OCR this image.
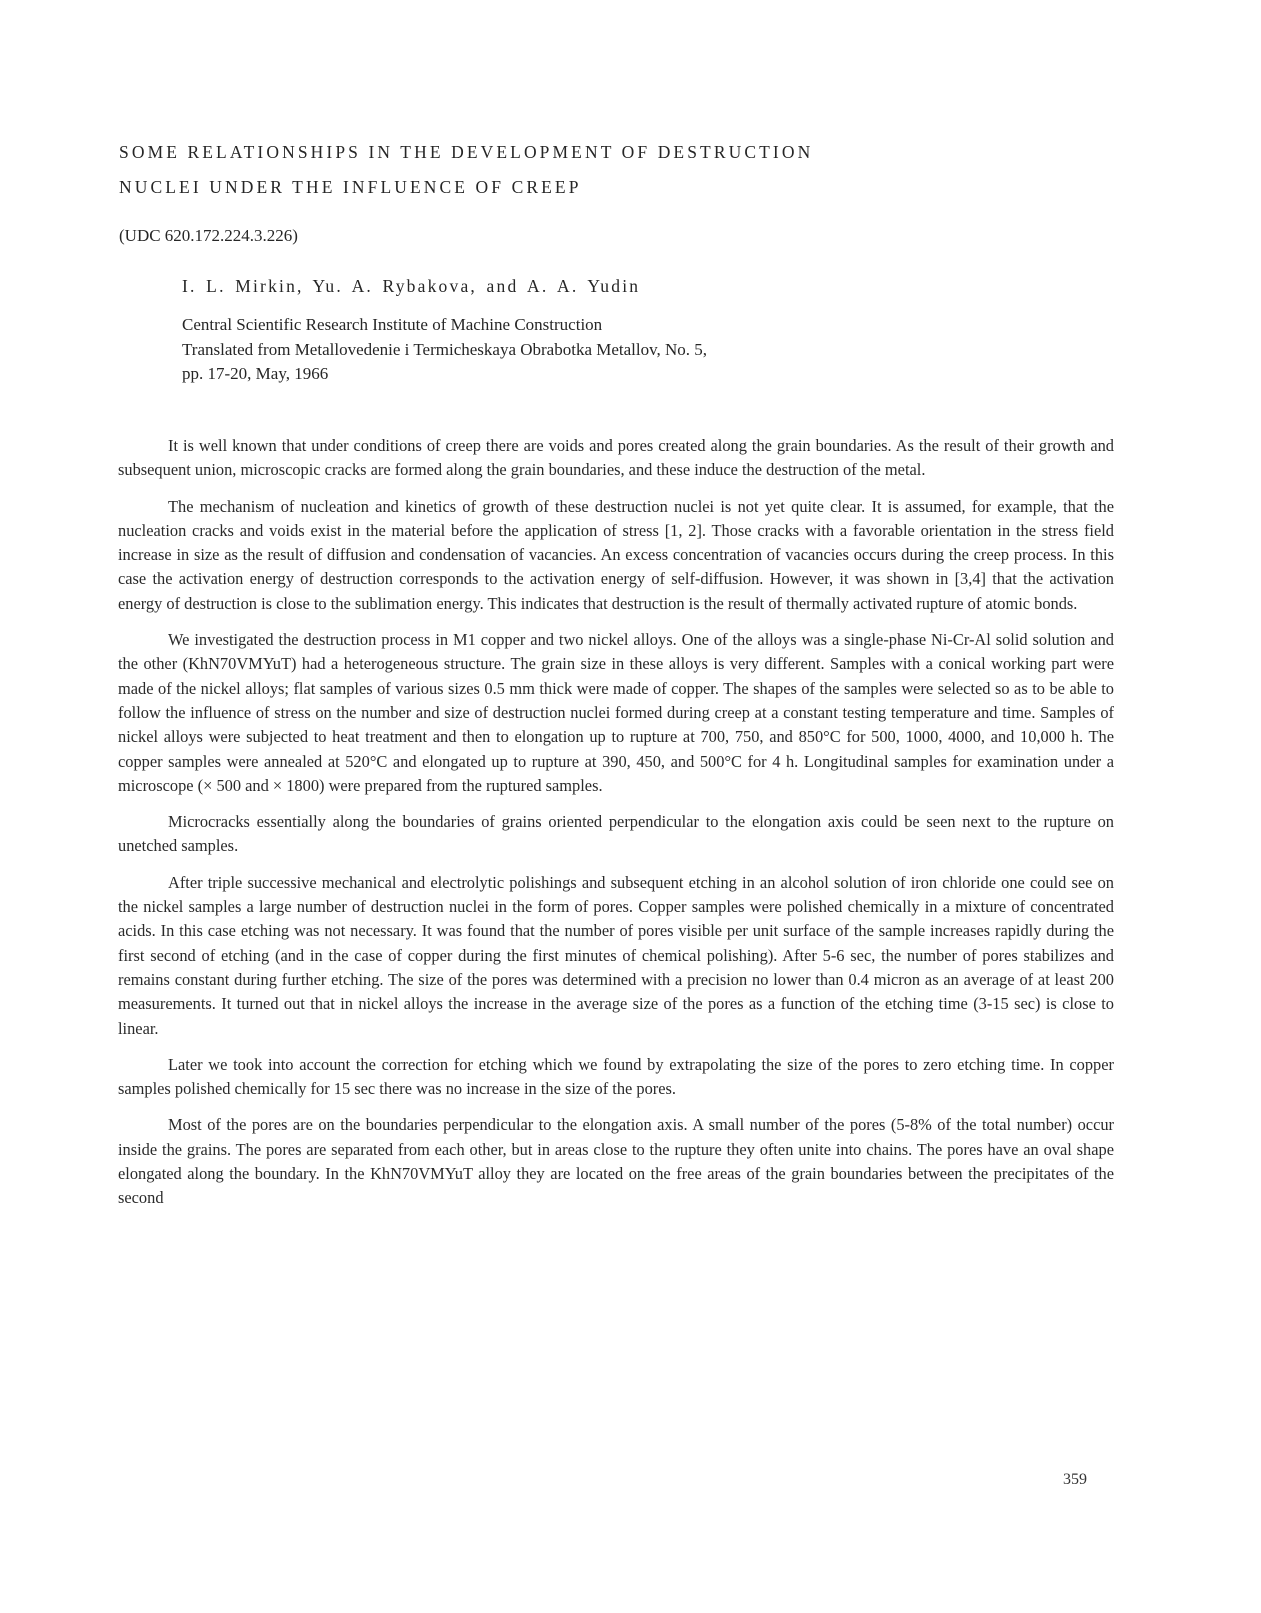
SOME RELATIONSHIPS IN THE DEVELOPMENT OF DESTRUCTION
NUCLEI UNDER THE INFLUENCE OF CREEP
(UDC 620.172.224.3.226)
I. L. Mirkin, Yu. A. Rybakova, and A. A. Yudin
Central Scientific Research Institute of Machine Construction
Translated from Metallovedenie i Termicheskaya Obrabotka Metallov, No. 5,
pp. 17-20, May, 1966

It is well known that under conditions of creep there are voids and pores created along the grain boundaries. As the result of their growth and subsequent union, microscopic cracks are formed along the grain boundaries, and these induce the destruction of the metal.

The mechanism of nucleation and kinetics of growth of these destruction nuclei is not yet quite clear. It is assumed, for example, that the nucleation cracks and voids exist in the material before the application of stress [1, 2]. Those cracks with a favorable orientation in the stress field increase in size as the result of diffusion and condensation of vacancies. An excess concentration of vacancies occurs during the creep process. In this case the activation energy of destruction corresponds to the activation energy of self-diffusion. However, it was shown in [3,4] that the activation energy of destruction is close to the sublimation energy. This indicates that destruction is the result of thermally activated rupture of atomic bonds.

We investigated the destruction process in M1 copper and two nickel alloys. One of the alloys was a single-phase Ni-Cr-Al solid solution and the other (KhN70VMYuT) had a heterogeneous structure. The grain size in these alloys is very different. Samples with a conical working part were made of the nickel alloys; flat samples of various sizes 0.5 mm thick were made of copper. The shapes of the samples were selected so as to be able to follow the influence of stress on the number and size of destruction nuclei formed during creep at a constant testing temperature and time. Samples of nickel alloys were subjected to heat treatment and then to elongation up to rupture at 700, 750, and 850°C for 500, 1000, 4000, and 10,000 h. The copper samples were annealed at 520°C and elongated up to rupture at 390, 450, and 500°C for 4 h. Longitudinal samples for examination under a microscope (× 500 and × 1800) were prepared from the ruptured samples.

Microcracks essentially along the boundaries of grains oriented perpendicular to the elongation axis could be seen next to the rupture on unetched samples.

After triple successive mechanical and electrolytic polishings and subsequent etching in an alcohol solution of iron chloride one could see on the nickel samples a large number of destruction nuclei in the form of pores. Copper samples were polished chemically in a mixture of concentrated acids. In this case etching was not necessary. It was found that the number of pores visible per unit surface of the sample increases rapidly during the first second of etching (and in the case of copper during the first minutes of chemical polishing). After 5-6 sec, the number of pores stabilizes and remains constant during further etching. The size of the pores was determined with a precision no lower than 0.4 micron as an average of at least 200 measurements. It turned out that in nickel alloys the increase in the average size of the pores as a function of the etching time (3-15 sec) is close to linear.

Later we took into account the correction for etching which we found by extrapolating the size of the pores to zero etching time. In copper samples polished chemically for 15 sec there was no increase in the size of the pores.

Most of the pores are on the boundaries perpendicular to the elongation axis. A small number of the pores (5-8% of the total number) occur inside the grains. The pores are separated from each other, but in areas close to the rupture they often unite into chains. The pores have an oval shape elongated along the boundary. In the KhN70VMYuT alloy they are located on the free areas of the grain boundaries between the precipitates of the second

359
